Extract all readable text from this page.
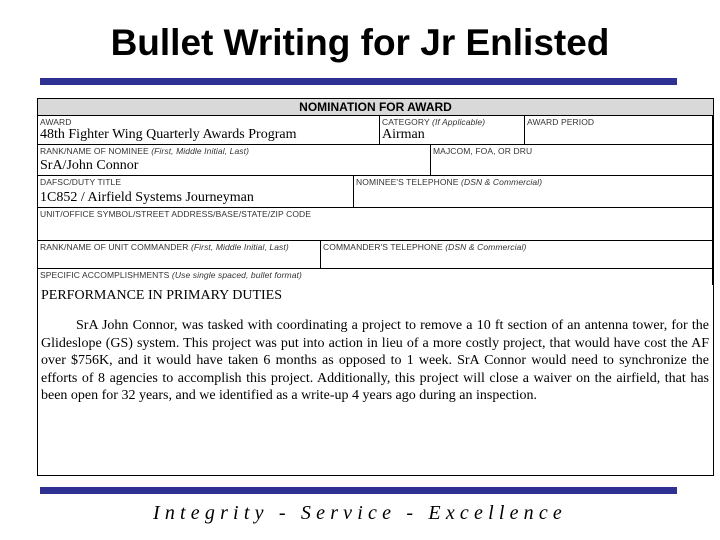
Bullet Writing for Jr Enlisted
NOMINATION FOR AWARD
AWARD
48th Fighter Wing Quarterly Awards Program
CATEGORY (If Applicable)
Airman
AWARD PERIOD
RANK/NAME OF NOMINEE (First, Middle Initial, Last)
SrA/John Connor
MAJCOM, FOA, OR DRU
DAFSC/DUTY TITLE
1C852 / Airfield Systems Journeyman
NOMINEE'S TELEPHONE (DSN & Commercial)
UNIT/OFFICE SYMBOL/STREET ADDRESS/BASE/STATE/ZIP CODE
RANK/NAME OF UNIT COMMANDER (First, Middle Initial, Last)	COMMANDER'S TELEPHONE (DSN & Commercial)
SPECIFIC ACCOMPLISHMENTS (Use single spaced, bullet format)
PERFORMANCE IN PRIMARY DUTIES
SrA John Connor, was tasked with coordinating a project to remove a 10 ft section of an antenna tower, for the Glideslope (GS) system. This project was put into action in lieu of a more costly project, that would have cost the AF over $756K, and it would have taken 6 months as opposed to 1 week. SrA Connor would need to synchronize the efforts of 8 agencies to accomplish this project. Additionally, this project will close a waiver on the airfield, that has been open for 32 years, and we identified as a write-up 4 years ago during an inspection.
Integrity - Service - Excellence
